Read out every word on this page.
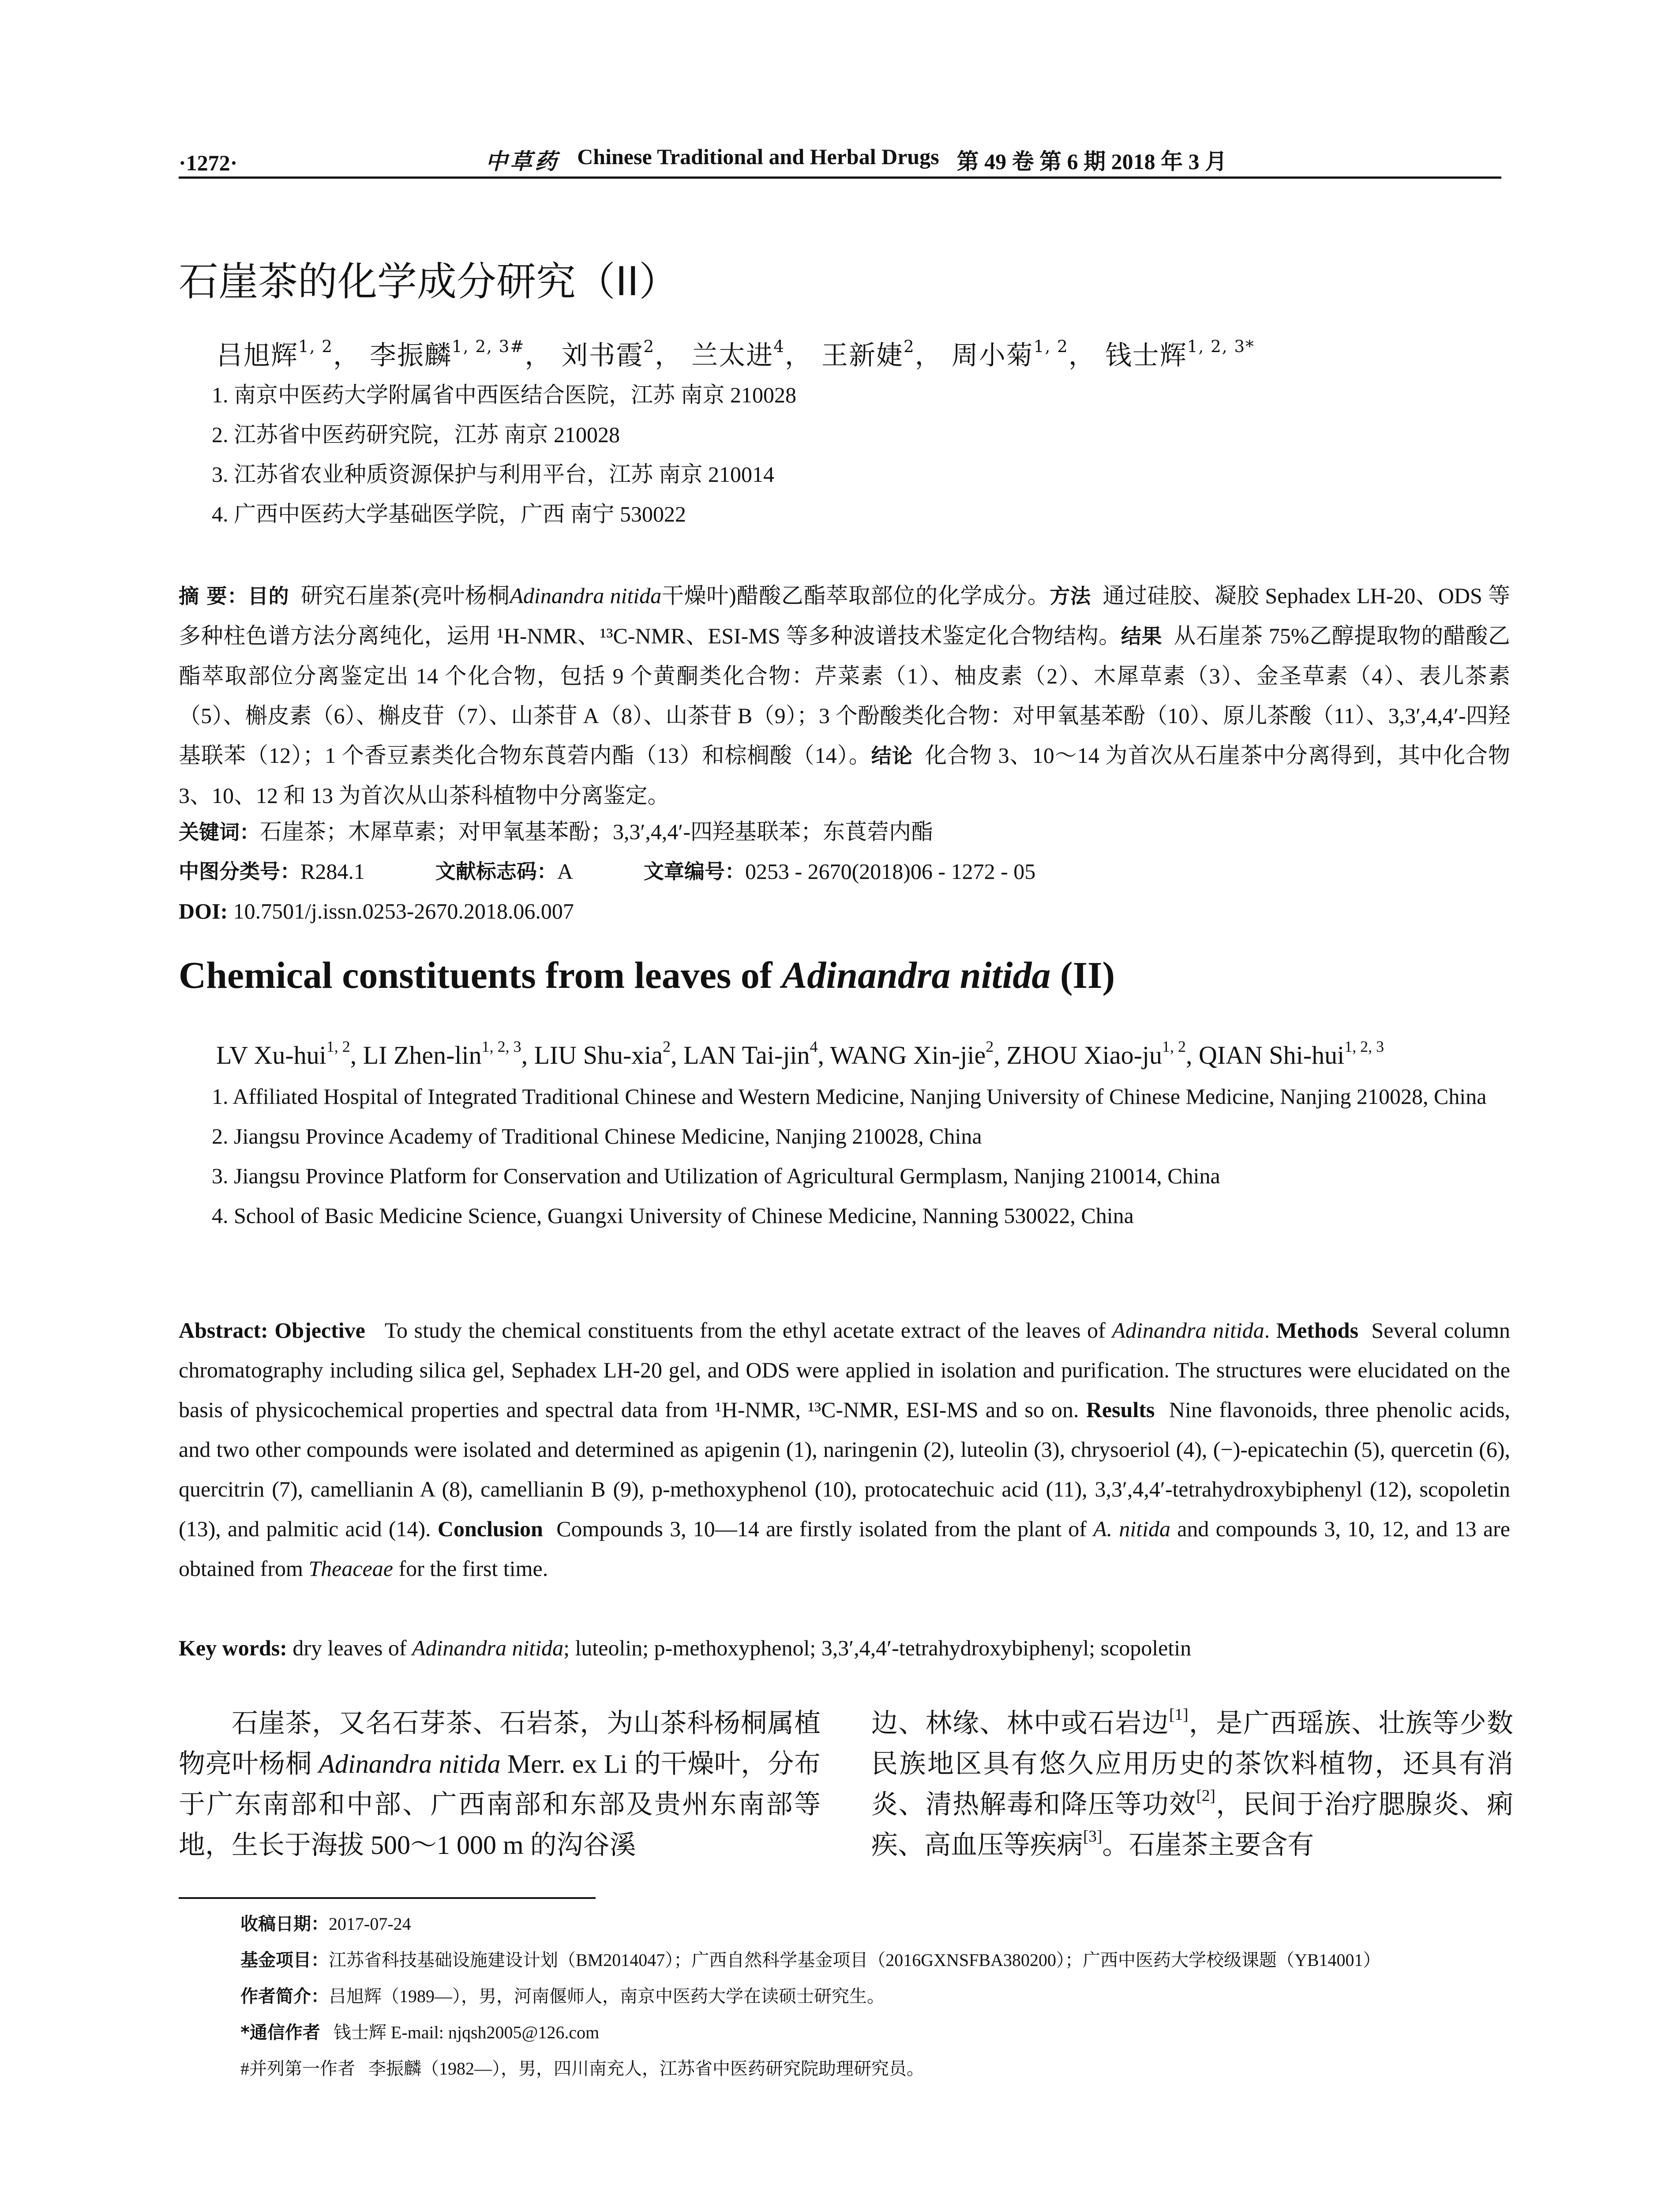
·1272·	中草药 Chinese Traditional and Herbal Drugs 第 49 卷 第 6 期 2018 年 3 月
石崖茶的化学成分研究（II）
吕旭辉$^{1, 2}$， 李振麟$^{1, 2, 3\#}$， 刘书霞$^2$， 兰太进$^4$， 王新婕$^2$， 周小菊$^{1, 2}$， 钱士辉$^{1, 2, 3*}$
1. 南京中医药大学附属省中西医结合医院，江苏 南京 210028
2. 江苏省中医药研究院，江苏 南京 210028
3. 江苏省农业种质资源保护与利用平台，江苏 南京 210014
4. 广西中医药大学基础医学院，广西 南宁 530022
摘 要：目的 研究石崖茶(亮叶杨桐Adinandra nitida干燥叶)醋酸乙酯萃取部位的化学成分。方法 通过硅胶、凝胶 Sephadex LH-20、ODS 等多种柱色谱方法分离纯化，运用 ¹H-NMR、¹³C-NMR、ESI-MS 等多种波谱技术鉴定化合物结构。结果 从石崖茶 75%乙醇提取物的醋酸乙酯萃取部位分离鉴定出 14 个化合物，包括 9 个黄酮类化合物：芹菜素（1）、柚皮素（2）、木犀草素（3）、金圣草素（4）、表儿茶素（5）、槲皮素（6）、槲皮苷（7）、山茶苷 A（8）、山茶苷 B（9）；3 个酚酸类化合物：对甲氧基苯酚（10）、原儿茶酸（11）、3,3′,4,4′-四羟基联苯（12）；1 个香豆素类化合物东莨菪内酯（13）和棕榈酸（14）。结论 化合物 3、10～14 为首次从石崖茶中分离得到，其中化合物 3、10、12 和 13 为首次从山茶科植物中分离鉴定。
关键词：石崖茶；木犀草素；对甲氧基苯酚；3,3′,4,4′-四羟基联苯；东莨菪内酯
中图分类号： R284.1	文献标志码： A	文章编号： 0253 - 2670(2018)06 - 1272 - 05
DOI:
10.7501/j.issn.0253-2670.2018.06.007
Chemical constituents from leaves of Adinandra nitida (II)
LV Xu-hui$^{1, 2}$, LI Zhen-lin$^{1, 2, 3}$, LIU Shu-xia$^2$, LAN Tai-jin$^4$, WANG Xin-jie$^2$, ZHOU Xiao-ju$^{1, 2}$, QIAN Shi-hui$^{1, 2, 3}$
1. Affiliated Hospital of Integrated Traditional Chinese and Western Medicine, Nanjing University of Chinese Medicine, Nanjing 210028, China
2. Jiangsu Province Academy of Traditional Chinese Medicine, Nanjing 210028, China
3. Jiangsu Province Platform for Conservation and Utilization of Agricultural Germplasm, Nanjing 210014, China
4. School of Basic Medicine Science, Guangxi University of Chinese Medicine, Nanning 530022, China
Abstract: Objective To study the chemical constituents from the ethyl acetate extract of the leaves of Adinandra nitida. Methods Several column chromatography including silica gel, Sephadex LH-20 gel, and ODS were applied in isolation and purification. The structures were elucidated on the basis of physicochemical properties and spectral data from ¹H-NMR, ¹³C-NMR, ESI-MS and so on. Results Nine flavonoids, three phenolic acids, and two other compounds were isolated and determined as apigenin (1), naringenin (2), luteolin (3), chrysoeriol (4), (−)-epicatechin (5), quercetin (6), quercitrin (7), camellianin A (8), camellianin B (9), p-methoxyphenol (10), protocatechuic acid (11), 3,3′,4,4′-tetrahydroxybiphenyl (12), scopoletin (13), and palmitic acid (14). Conclusion Compounds 3, 10—14 are firstly isolated from the plant of A. nitida and compounds 3, 10, 12, and 13 are obtained from Theaceae for the first time.
Key words: dry leaves of Adinandra nitida; luteolin; p-methoxyphenol; 3,3′,4,4′-tetrahydroxybiphenyl; scopoletin
石崖茶，又名石芽茶、石岩茶，为山茶科杨桐属植物亮叶杨桐 Adinandra nitida Merr. ex Li 的干燥叶，分布于广东南部和中部、广西南部和东部及贵州东南部等地，生长于海拔 500～1 000 m 的沟谷溪
边、林缘、林中或石岩边[1]，是广西瑶族、壮族等少数民族地区具有悠久应用历史的茶饮料植物，还具有消炎、清热解毒和降压等功效[2]，民间于治疗腮腺炎、痢疾、高血压等疾病[3]。石崖茶主要含有
收稿日期：2017-07-24
基金项目：江苏省科技基础设施建设计划（BM2014047）；广西自然科学基金项目（2016GXNSFBA380200）；广西中医药大学校级课题（YB14001）
作者简介：吕旭辉（1989—），男，河南偃师人，南京中医药大学在读硕士研究生。
*通信作者 钱士辉 E-mail: njqsh2005@126.com
#并列第一作者 李振麟（1982—），男，四川南充人，江苏省中医药研究院助理研究员。
